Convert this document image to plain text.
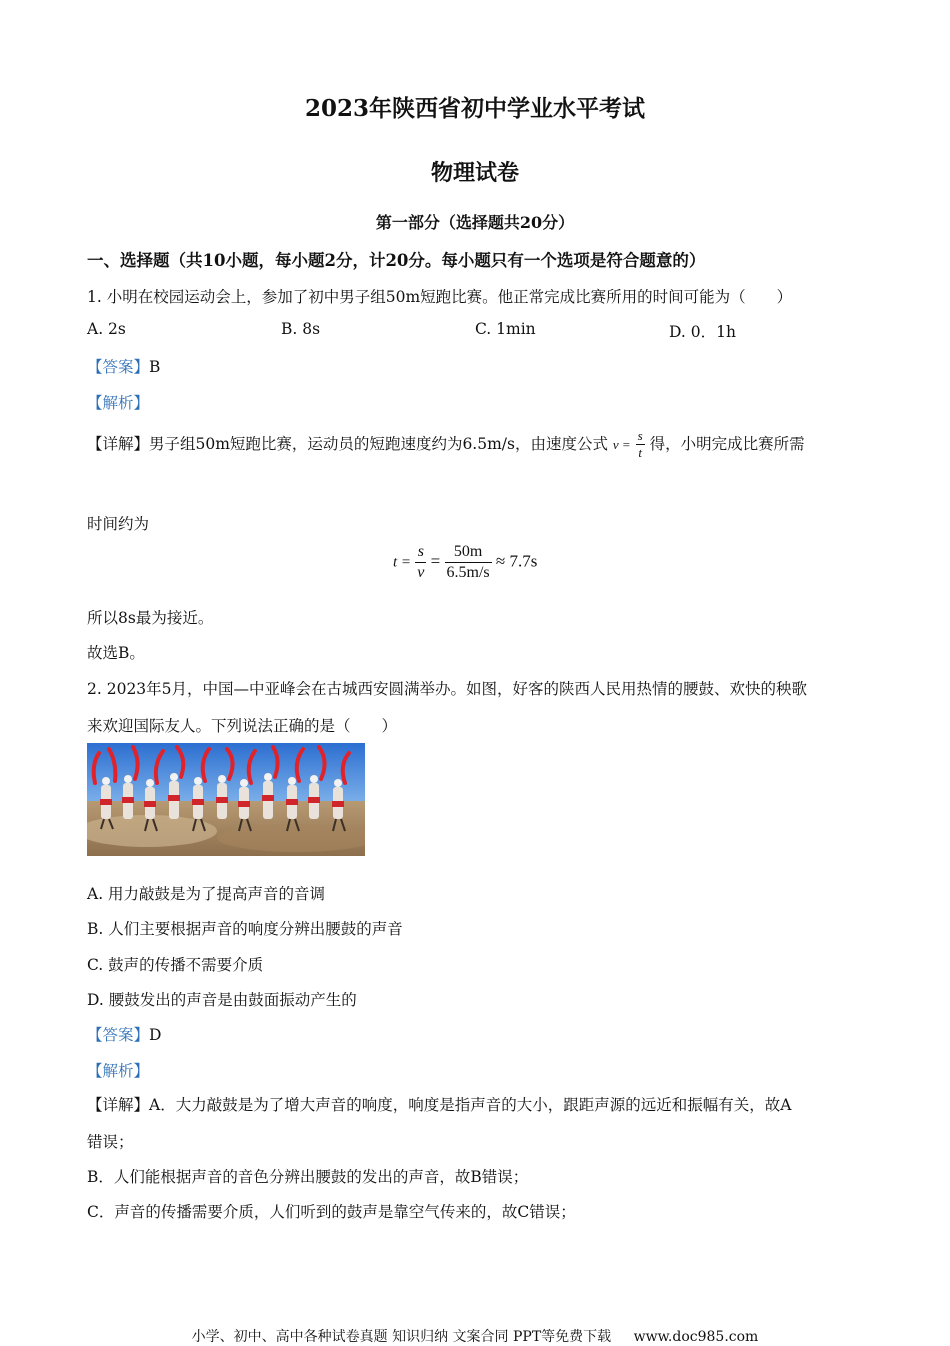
2023年陕西省初中学业水平考试
物理试卷
第一部分（选择题共20分）
一、选择题（共10小题，每小题2分，计20分。每小题只有一个选项是符合题意的）
1. 小明在校园运动会上，参加了初中男子组50m短跑比赛。他正常完成比赛所用的时间可能为（　　）
A. 2s	B. 8s	C. 1min	D. 0．1h
【答案】B
【解析】
【详解】男子组50m短跑比赛，运动员的短跑速度约为6.5m/s，由速度公式 $v = \frac{s}{t}$ 得，小明完成比赛所需
时间约为
$t = \frac{s}{v} = \frac{50m}{6.5m/s} \approx 7.7s$
所以8s最为接近。
故选B。
2. 2023年5月，中国—中亚峰会在古城西安圆满举办。如图，好客的陕西人民用热情的腰鼓、欢快的秧歌
来欢迎国际友人。下列说法正确的是（　　）
A. 用力敲鼓是为了提高声音的音调
B. 人们主要根据声音的响度分辨出腰鼓的声音
C. 鼓声的传播不需要介质
D. 腰鼓发出的声音是由鼓面振动产生的
【答案】D
【解析】
【详解】A．大力敲鼓是为了增大声音的响度，响度是指声音的大小，跟距声源的远近和振幅有关，故A
错误；
B．人们能根据声音的音色分辨出腰鼓的发出的声音，故B错误；
C．声音的传播需要介质，人们听到的鼓声是靠空气传来的，故C错误；
小学、初中、高中各种试卷真题 知识归纳 文案合同 PPT等免费下载 www.doc985.com
